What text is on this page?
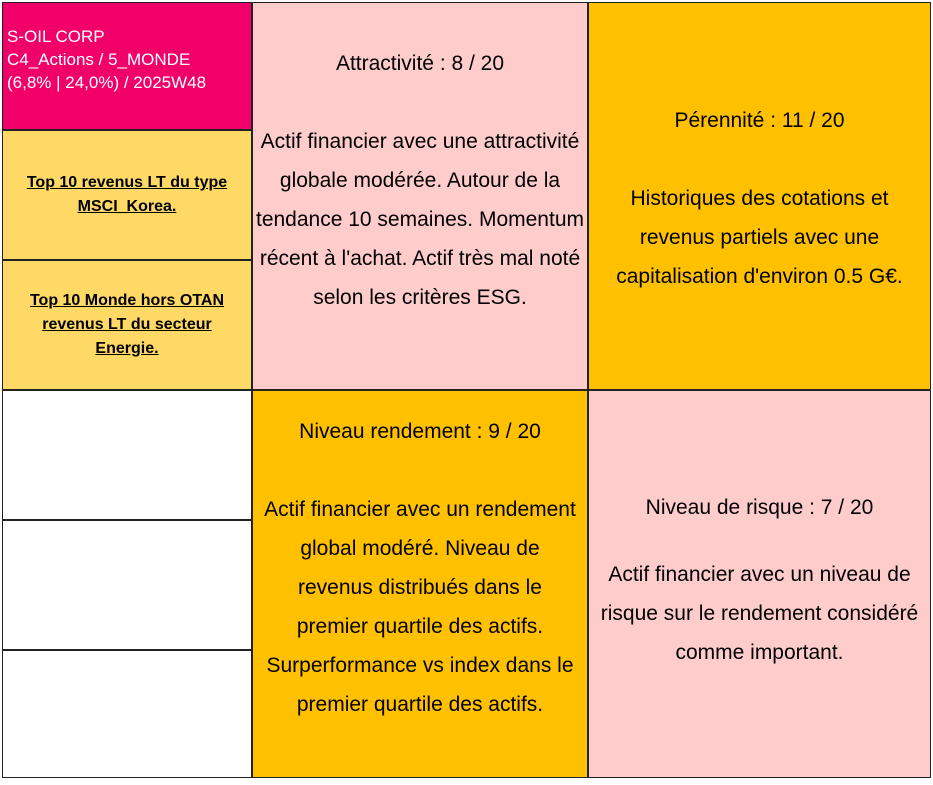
S-OIL CORP
C4_Actions / 5_MONDE
(6,8% | 24,0%) / 2025W48
Top 10 revenus LT du type MSCI_Korea.
Top 10 Monde hors OTAN revenus LT du secteur Energie.
Attractivité : 8 / 20
Actif financier avec une attractivité globale modérée. Autour de la tendance 10 semaines. Momentum récent à l'achat. Actif très mal noté selon les critères ESG.
Pérennité : 11 / 20
Historiques des cotations et revenus partiels avec une capitalisation d'environ 0.5 G€.
Niveau rendement : 9 / 20
Actif financier avec un rendement global modéré. Niveau de revenus distribués dans le premier quartile des actifs. Surperformance vs index dans le premier quartile des actifs.
Niveau de risque : 7 / 20
Actif financier avec un niveau de risque sur le rendement considéré comme important.
